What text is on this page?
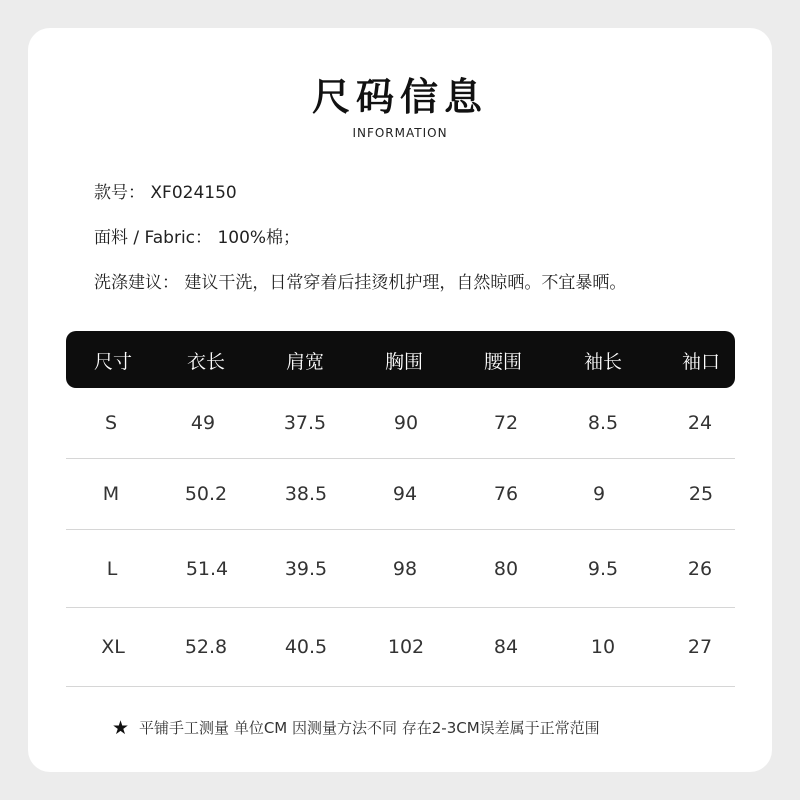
尺码信息
INFORMATION
款号： XF024150
面料 / Fabric： 100%棉；
洗涤建议： 建议干洗，日常穿着后挂烫机护理，自然晾晒。不宜暴晒。
尺寸	衣长	肩宽	胸围	腰围	袖长	袖口
S	49	37.5	90	72	8.5	24
M	50.2	38.5	94	76	9	25
L	51.4	39.5	98	80	9.5	26
XL	52.8	40.5	102	84	10	27
★ 平铺手工测量 单位CM 因测量方法不同 存在2-3CM误差属于正常范围
